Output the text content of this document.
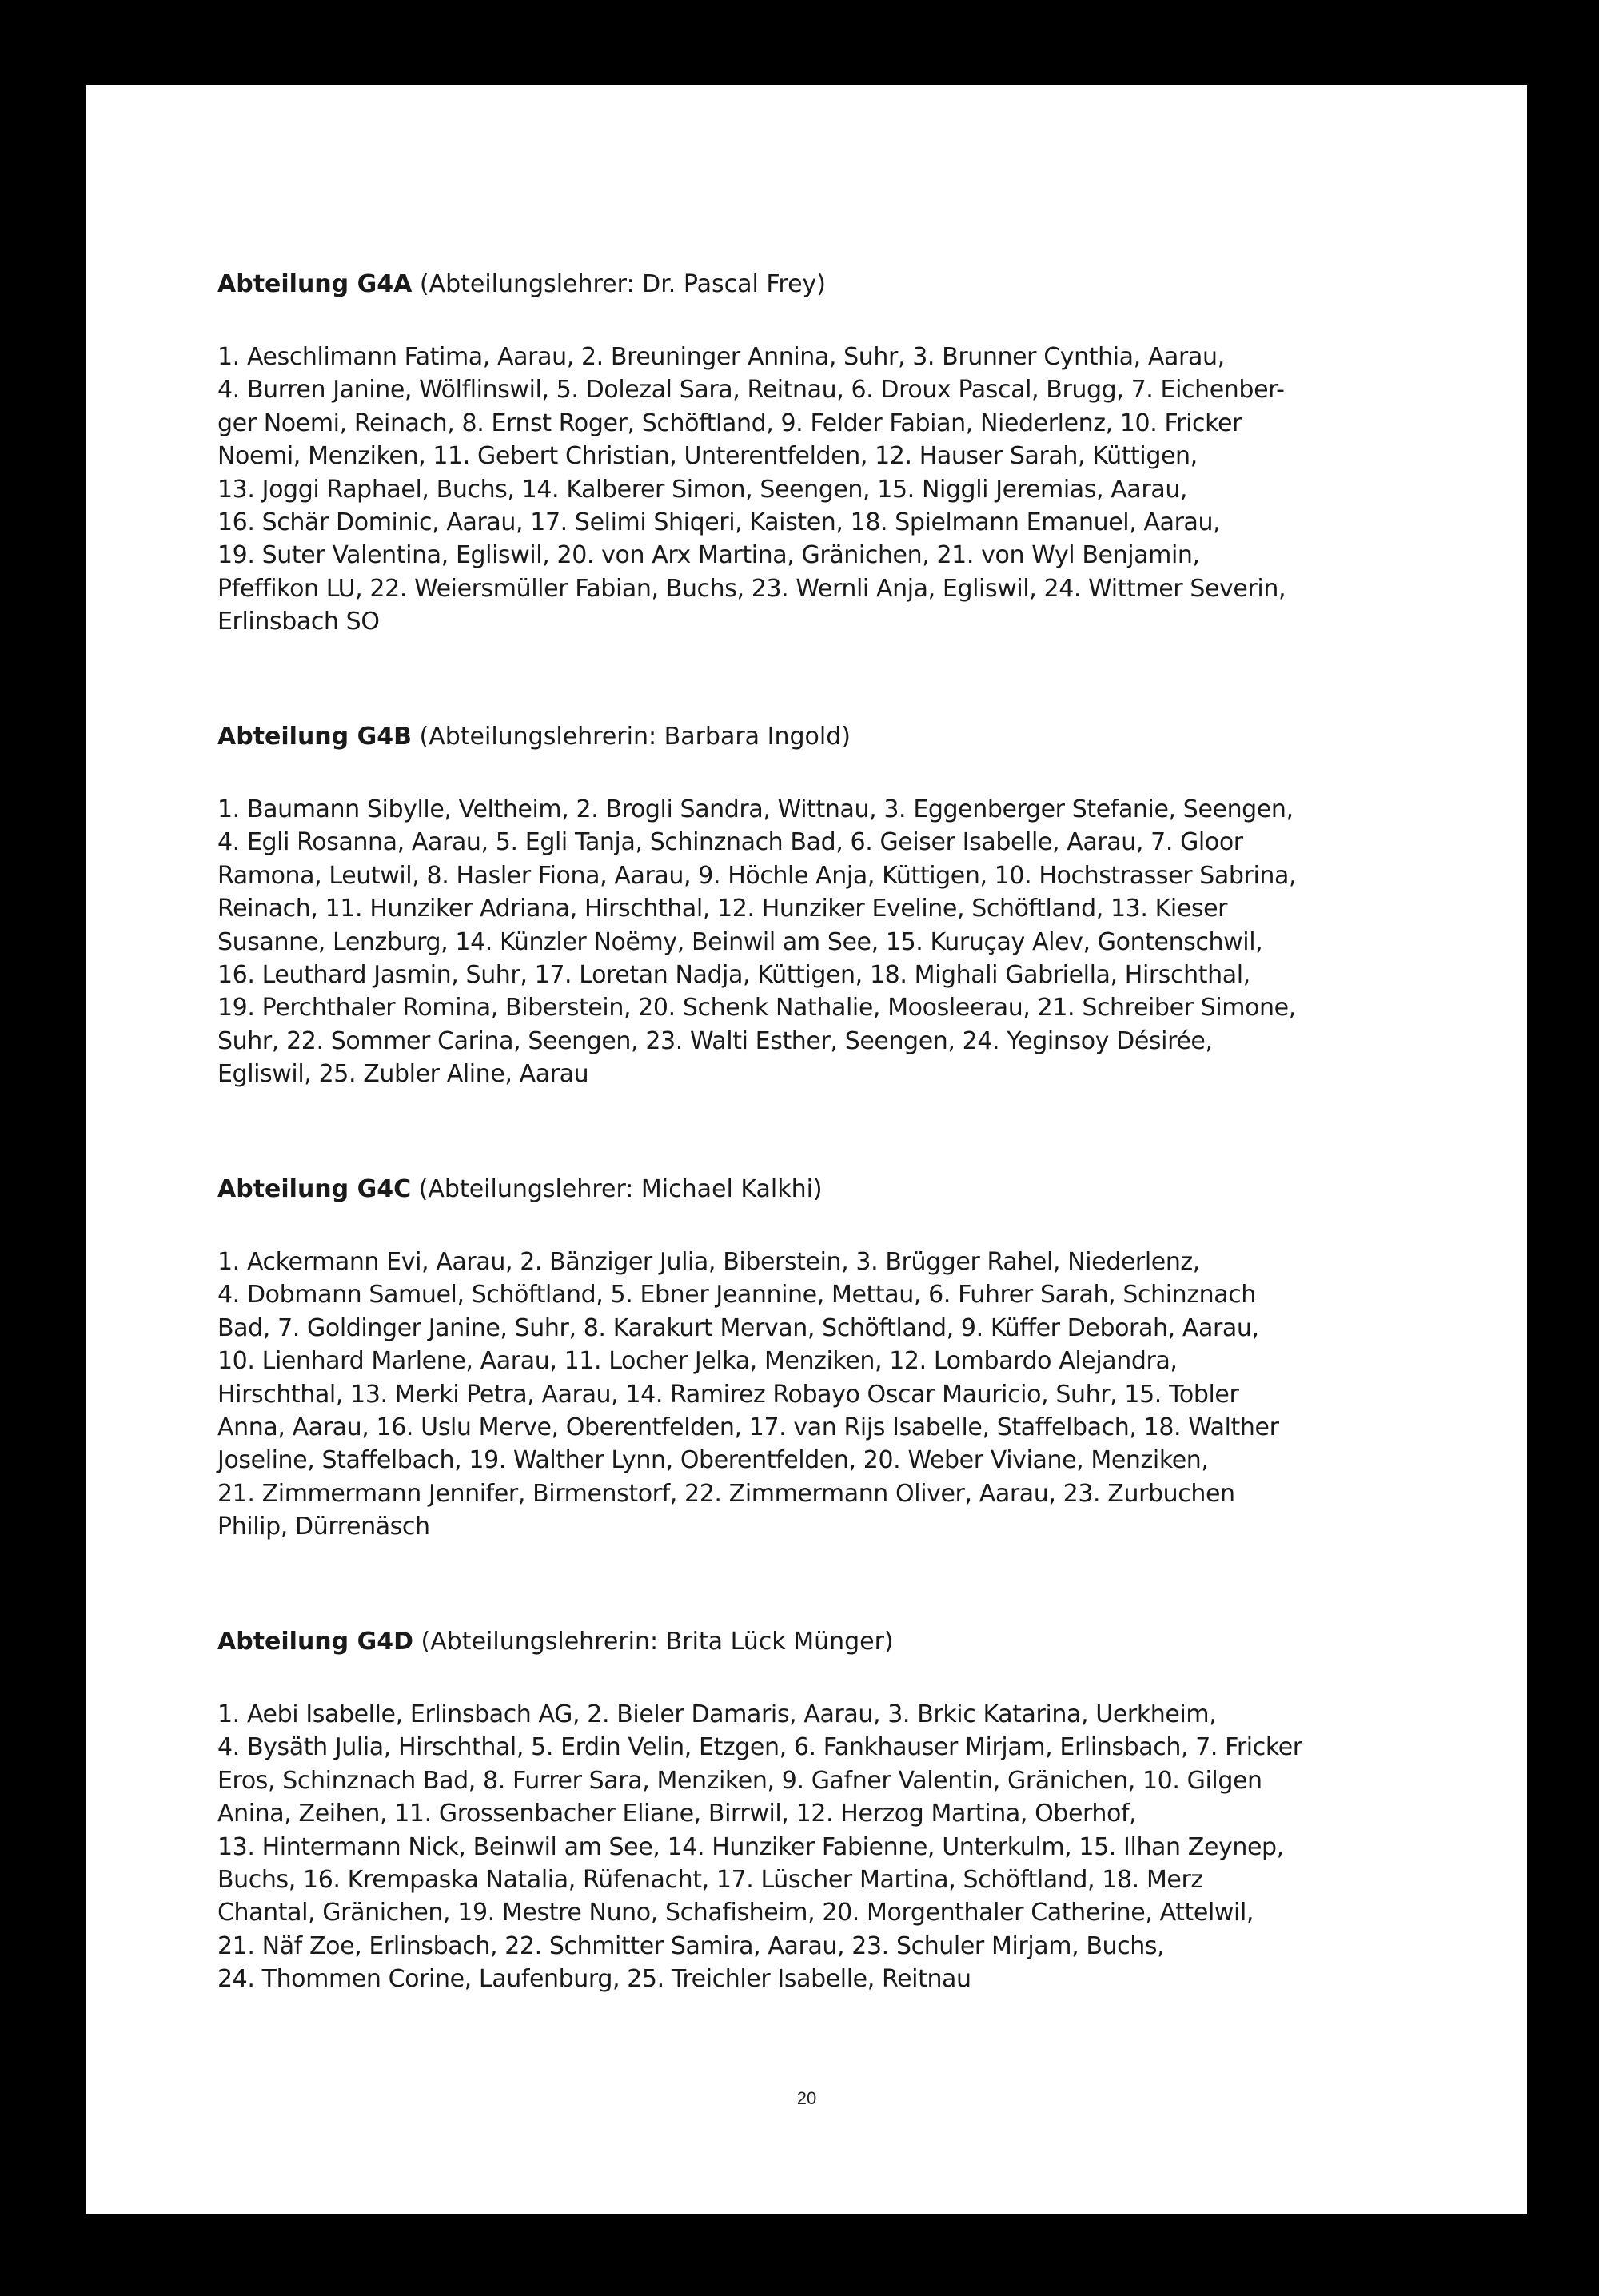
Abteilung G4A (Abteilungslehrer: Dr. Pascal Frey)

1. Aeschlimann Fatima, Aarau, 2. Breuninger Annina, Suhr, 3. Brunner Cynthia, Aarau,
4. Burren Janine, Wölflinswil, 5. Dolezal Sara, Reitnau, 6. Droux Pascal, Brugg, 7. Eichenber-
ger Noemi, Reinach, 8. Ernst Roger, Schöftland, 9. Felder Fabian, Niederlenz, 10. Fricker
Noemi, Menziken, 11. Gebert Christian, Unterentfelden, 12. Hauser Sarah, Küttigen,
13. Joggi Raphael, Buchs, 14. Kalberer Simon, Seengen, 15. Niggli Jeremias, Aarau,
16. Schär Dominic, Aarau, 17. Selimi Shiqeri, Kaisten, 18. Spielmann Emanuel, Aarau,
19. Suter Valentina, Egliswil, 20. von Arx Martina, Gränichen, 21. von Wyl Benjamin,
Pfeffikon LU, 22. Weiersmüller Fabian, Buchs, 23. Wernli Anja, Egliswil, 24. Wittmer Severin,
Erlinsbach SO

Abteilung G4B (Abteilungslehrerin: Barbara Ingold)

1. Baumann Sibylle, Veltheim, 2. Brogli Sandra, Wittnau, 3. Eggenberger Stefanie, Seengen,
4. Egli Rosanna, Aarau, 5. Egli Tanja, Schinznach Bad, 6. Geiser Isabelle, Aarau, 7. Gloor
Ramona, Leutwil, 8. Hasler Fiona, Aarau, 9. Höchle Anja, Küttigen, 10. Hochstrasser Sabrina,
Reinach, 11. Hunziker Adriana, Hirschthal, 12. Hunziker Eveline, Schöftland, 13. Kieser
Susanne, Lenzburg, 14. Künzler Noëmy, Beinwil am See, 15. Kuruçay Alev, Gontenschwil,
16. Leuthard Jasmin, Suhr, 17. Loretan Nadja, Küttigen, 18. Mighali Gabriella, Hirschthal,
19. Perchthaler Romina, Biberstein, 20. Schenk Nathalie, Moosleerau, 21. Schreiber Simone,
Suhr, 22. Sommer Carina, Seengen, 23. Walti Esther, Seengen, 24. Yeginsoy Désirée,
Egliswil, 25. Zubler Aline, Aarau

Abteilung G4C (Abteilungslehrer: Michael Kalkhi)

1. Ackermann Evi, Aarau, 2. Bänziger Julia, Biberstein, 3. Brügger Rahel, Niederlenz,
4. Dobmann Samuel, Schöftland, 5. Ebner Jeannine, Mettau, 6. Fuhrer Sarah, Schinznach
Bad, 7. Goldinger Janine, Suhr, 8. Karakurt Mervan, Schöftland, 9. Küffer Deborah, Aarau,
10. Lienhard Marlene, Aarau, 11. Locher Jelka, Menziken, 12. Lombardo Alejandra,
Hirschthal, 13. Merki Petra, Aarau, 14. Ramirez Robayo Oscar Mauricio, Suhr, 15. Tobler
Anna, Aarau, 16. Uslu Merve, Oberentfelden, 17. van Rijs Isabelle, Staffelbach, 18. Walther
Joseline, Staffelbach, 19. Walther Lynn, Oberentfelden, 20. Weber Viviane, Menziken,
21. Zimmermann Jennifer, Birmenstorf, 22. Zimmermann Oliver, Aarau, 23. Zurbuchen
Philip, Dürrenäsch

Abteilung G4D (Abteilungslehrerin: Brita Lück Münger)

1. Aebi Isabelle, Erlinsbach AG, 2. Bieler Damaris, Aarau, 3. Brkic Katarina, Uerkheim,
4. Bysäth Julia, Hirschthal, 5. Erdin Velin, Etzgen, 6. Fankhauser Mirjam, Erlinsbach, 7. Fricker
Eros, Schinznach Bad, 8. Furrer Sara, Menziken, 9. Gafner Valentin, Gränichen, 10. Gilgen
Anina, Zeihen, 11. Grossenbacher Eliane, Birrwil, 12. Herzog Martina, Oberhof,
13. Hintermann Nick, Beinwil am See, 14. Hunziker Fabienne, Unterkulm, 15. Ilhan Zeynep,
Buchs, 16. Krempaska Natalia, Rüfenacht, 17. Lüscher Martina, Schöftland, 18. Merz
Chantal, Gränichen, 19. Mestre Nuno, Schafisheim, 20. Morgenthaler Catherine, Attelwil,
21. Näf Zoe, Erlinsbach, 22. Schmitter Samira, Aarau, 23. Schuler Mirjam, Buchs,
24. Thommen Corine, Laufenburg, 25. Treichler Isabelle, Reitnau

20
